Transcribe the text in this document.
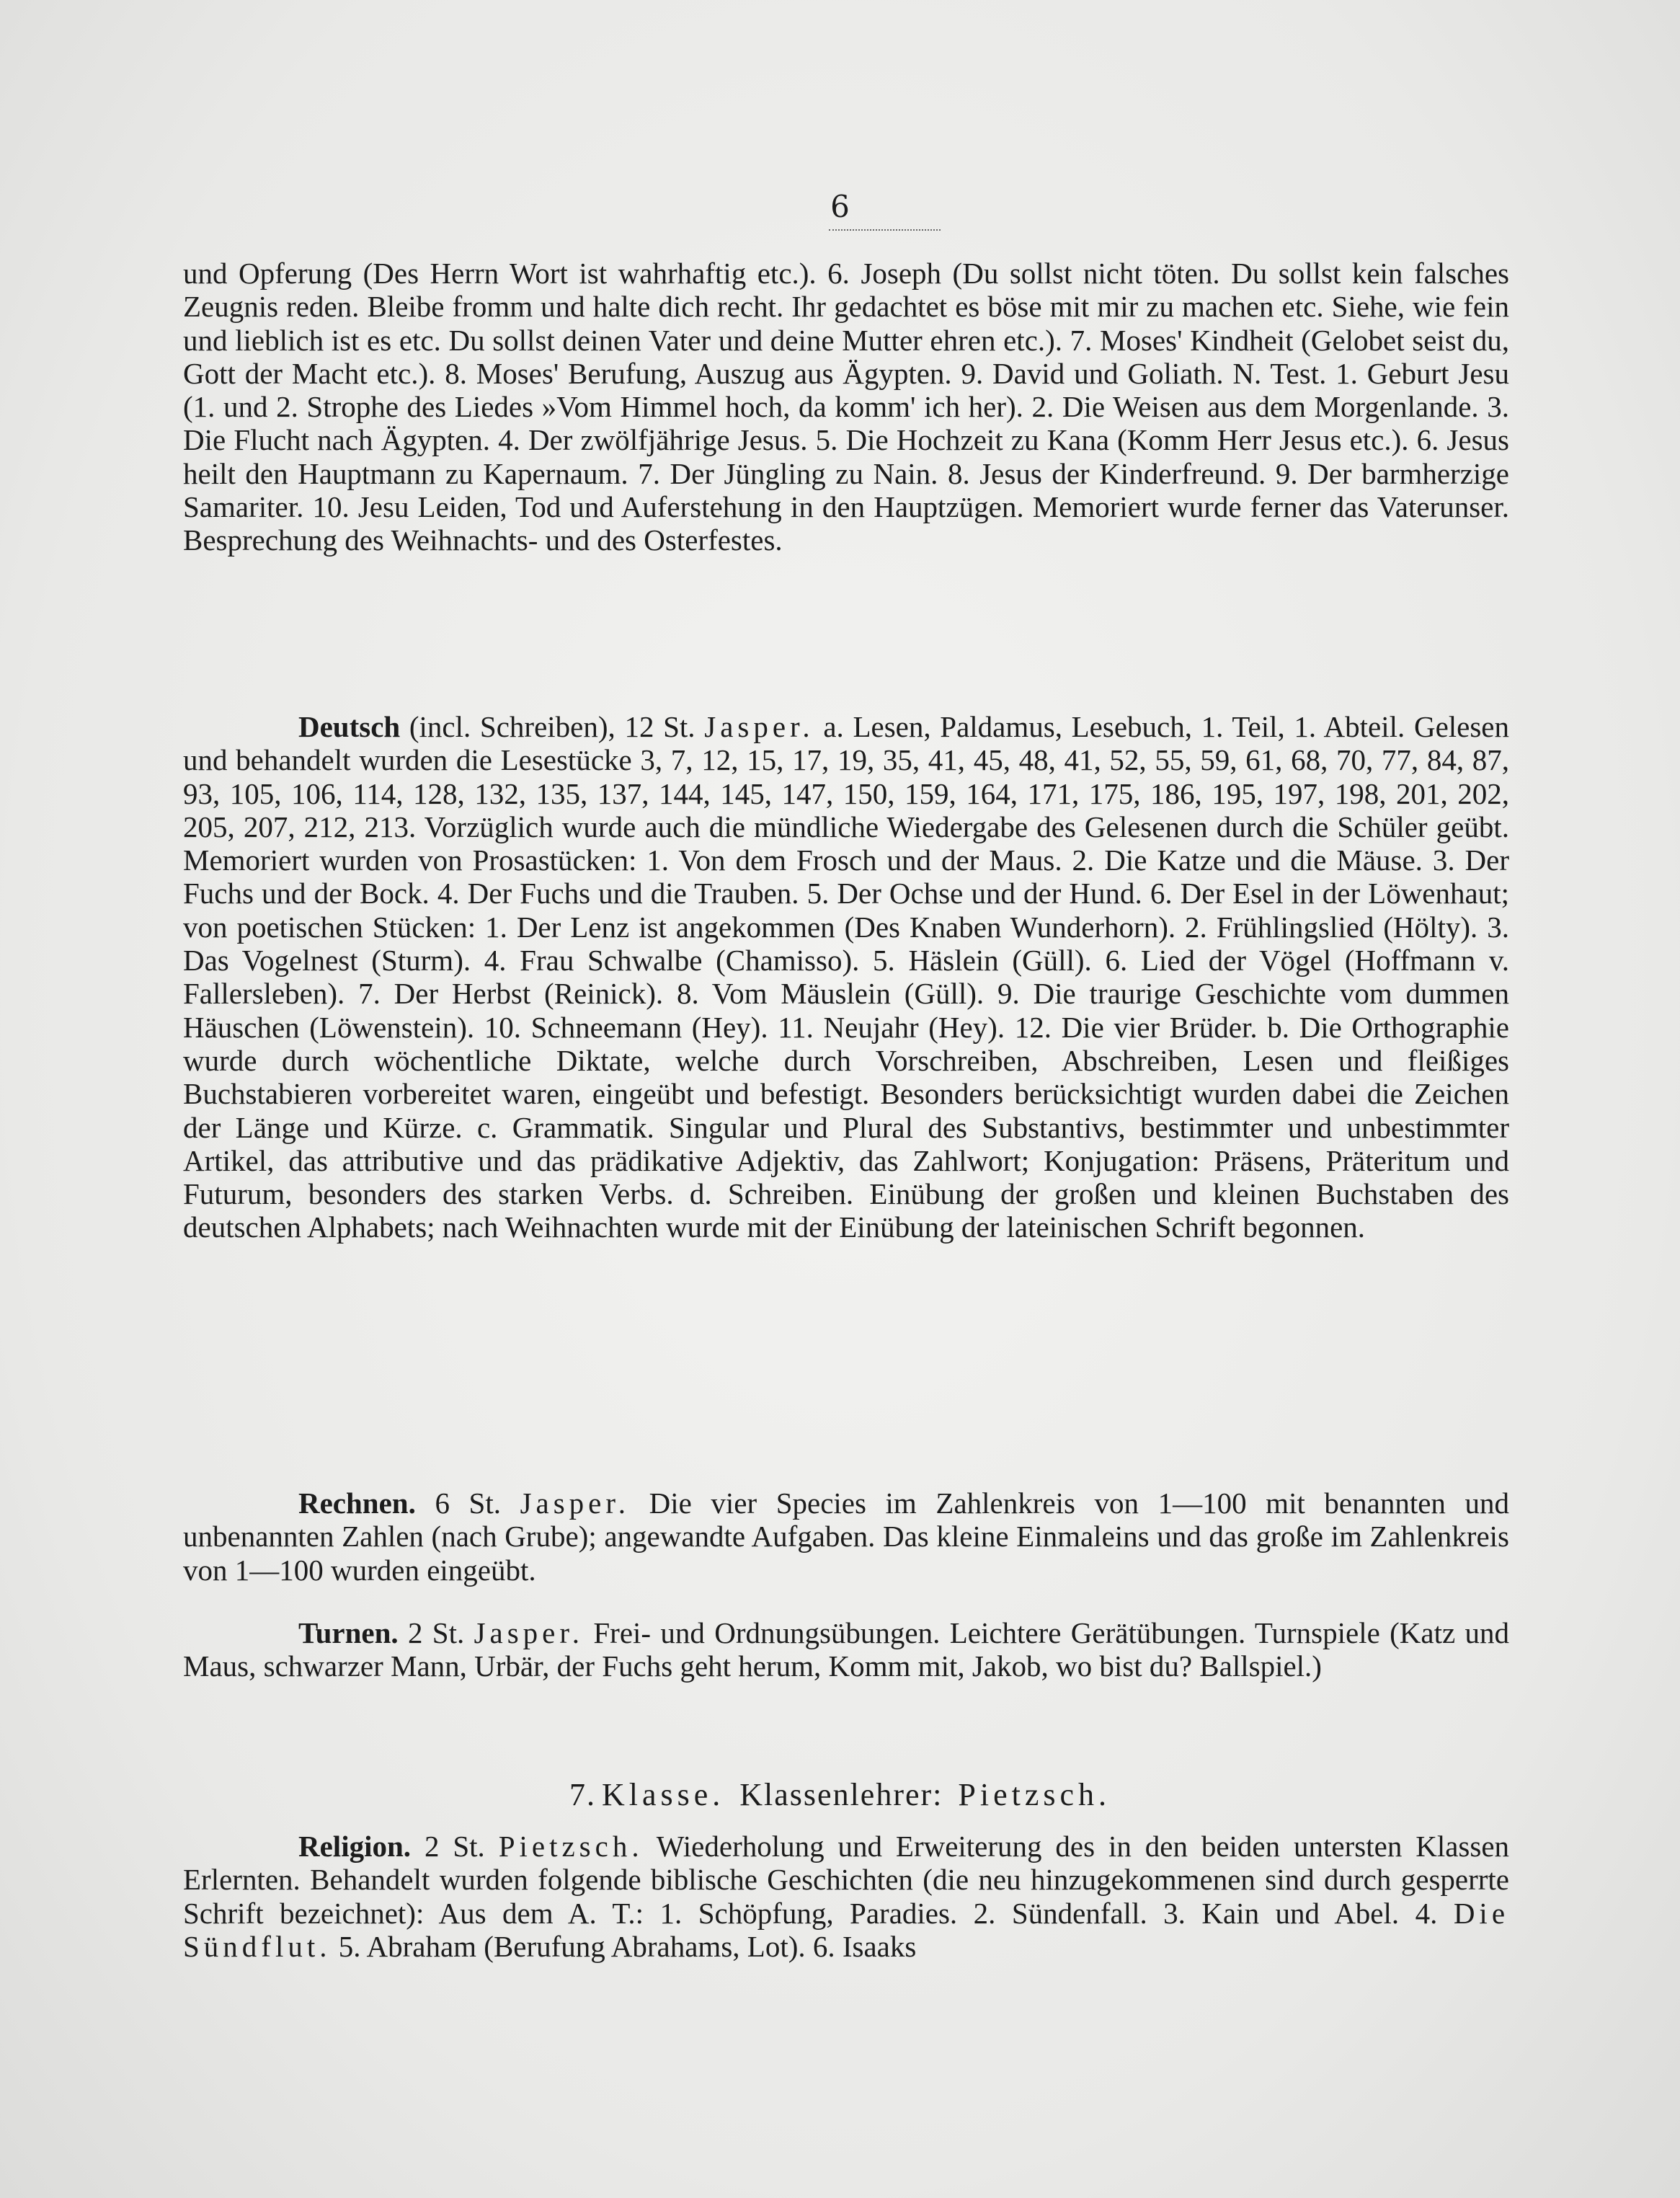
6

und Opferung (Des Herrn Wort ist wahrhaftig etc.). 6. Joseph (Du sollst nicht töten. Du sollst kein falsches Zeugnis reden. Bleibe fromm und halte dich recht. Ihr gedachtet es böse mit mir zu machen etc. Siehe, wie fein und lieblich ist es etc. Du sollst deinen Vater und deine Mutter ehren etc.). 7. Moses' Kindheit (Gelobet seist du, Gott der Macht etc.). 8. Moses' Berufung, Auszug aus Ägypten. 9. David und Goliath. N. Test. 1. Geburt Jesu (1. und 2. Strophe des Liedes »Vom Himmel hoch, da komm' ich her). 2. Die Weisen aus dem Morgenlande. 3. Die Flucht nach Ägypten. 4. Der zwölfjährige Jesus. 5. Die Hochzeit zu Kana (Komm Herr Jesus etc.). 6. Jesus heilt den Hauptmann zu Kapernaum. 7. Der Jüngling zu Nain. 8. Jesus der Kinderfreund. 9. Der barmherzige Samariter. 10. Jesu Leiden, Tod und Auferstehung in den Hauptzügen. Memoriert wurde ferner das Vaterunser. Besprechung des Weihnachts- und des Osterfestes.

Deutsch (incl. Schreiben), 12 St. Jasper. a. Lesen, Paldamus, Lesebuch, 1. Teil, 1. Abteil. Gelesen und behandelt wurden die Lesestücke 3, 7, 12, 15, 17, 19, 35, 41, 45, 48, 41, 52, 55, 59, 61, 68, 70, 77, 84, 87, 93, 105, 106, 114, 128, 132, 135, 137, 144, 145, 147, 150, 159, 164, 171, 175, 186, 195, 197, 198, 201, 202, 205, 207, 212, 213. Vorzüglich wurde auch die mündliche Wiedergabe des Gelesenen durch die Schüler geübt. Memoriert wurden von Prosastücken: 1. Von dem Frosch und der Maus. 2. Die Katze und die Mäuse. 3. Der Fuchs und der Bock. 4. Der Fuchs und die Trauben. 5. Der Ochse und der Hund. 6. Der Esel in der Löwenhaut; von poetischen Stücken: 1. Der Lenz ist angekommen (Des Knaben Wunderhorn). 2. Frühlingslied (Hölty). 3. Das Vogelnest (Sturm). 4. Frau Schwalbe (Chamisso). 5. Häslein (Güll). 6. Lied der Vögel (Hoffmann v. Fallersleben). 7. Der Herbst (Reinick). 8. Vom Mäuslein (Güll). 9. Die traurige Geschichte vom dummen Häuschen (Löwenstein). 10. Schneemann (Hey). 11. Neujahr (Hey). 12. Die vier Brüder. b. Die Orthographie wurde durch wöchentliche Diktate, welche durch Vorschreiben, Abschreiben, Lesen und fleißiges Buchstabieren vorbereitet waren, eingeübt und befestigt. Besonders berücksichtigt wurden dabei die Zeichen der Länge und Kürze. c. Grammatik. Singular und Plural des Substantivs, bestimmter und unbestimmter Artikel, das attributive und das prädikative Adjektiv, das Zahlwort; Konjugation: Präsens, Präteritum und Futurum, besonders des starken Verbs. d. Schreiben. Einübung der großen und kleinen Buchstaben des deutschen Alphabets; nach Weihnachten wurde mit der Einübung der lateinischen Schrift begonnen.

Rechnen. 6 St. Jasper. Die vier Species im Zahlenkreis von 1—100 mit benannten und unbenannten Zahlen (nach Grube); angewandte Aufgaben. Das kleine Einmaleins und das große im Zahlenkreis von 1—100 wurden eingeübt.

Turnen. 2 St. Jasper. Frei- und Ordnungsübungen. Leichtere Gerätübungen. Turnspiele (Katz und Maus, schwarzer Mann, Urbär, der Fuchs geht herum, Komm mit, Jakob, wo bist du? Ballspiel.)

7. Klasse. Klassenlehrer: Pietzsch.

Religion. 2 St. Pietzsch. Wiederholung und Erweiterung des in den beiden untersten Klassen Erlernten. Behandelt wurden folgende biblische Geschichten (die neu hinzugekommenen sind durch gesperrte Schrift bezeichnet): Aus dem A. T.: 1. Schöpfung, Paradies. 2. Sündenfall. 3. Kain und Abel. 4. Die Sündflut. 5. Abraham (Berufung Abrahams, Lot). 6. Isaaks
